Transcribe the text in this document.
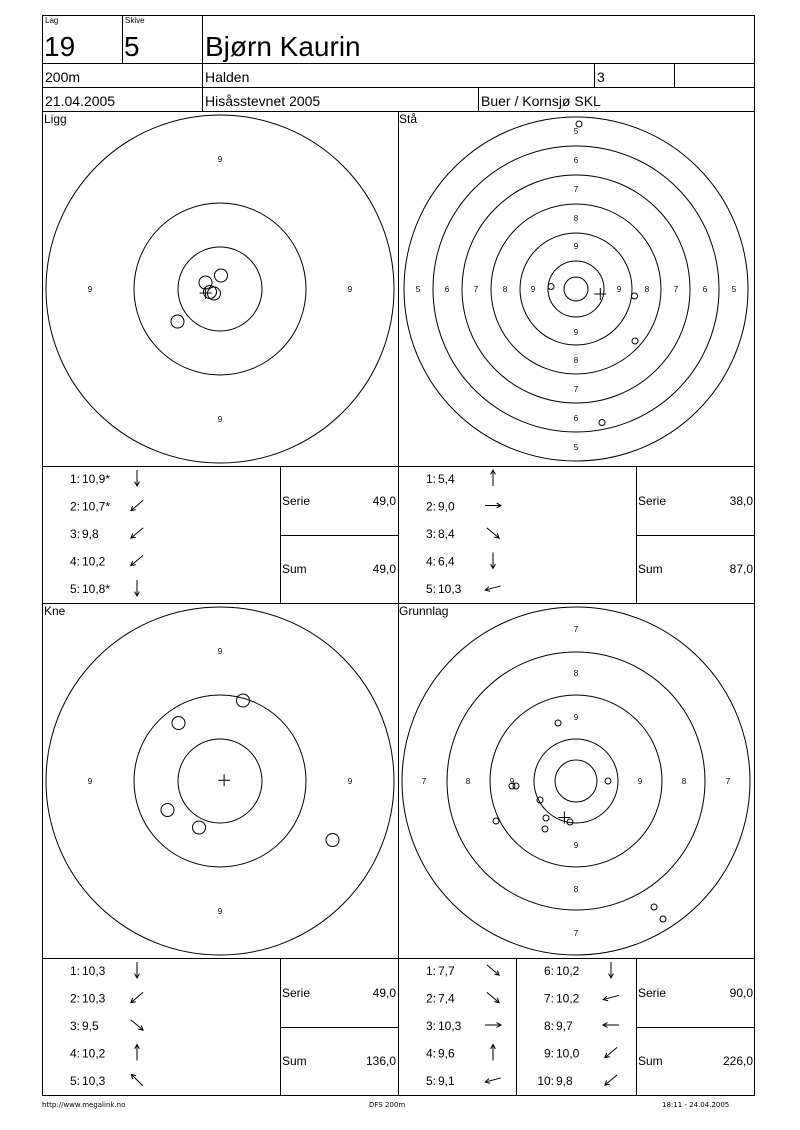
Lag
19
Skive
5 Bjørn Kaurin
200m	Halden	3
21.04.2005	Hisåsstevnet 2005	Buer / Kornsjø SKL
Ligg
9
9
9	9
1: 10,9*
2: 10,7*
3: 9,8
4: 10,2
5: 10,8*
Serie	49,0
Sum	49,0
Stå
9
9
9	9
8
8
8	8
7
7
7	7
6
6
6	6
5
5
5	5
1: 5,4
2: 9,0
3: 8,4
4: 6,4
5: 10,3
Serie	38,0
Sum	87,0
Kne
9
9
9	9
1: 10,3
2: 10,3
3: 9,5
4: 10,2
5: 10,3
Serie	49,0
Sum	136,0
Grunnlag
9
9
9	9
8
8
8	8
7
7
7	7
1: 7,7
2: 7,4
3: 10,3
4: 9,6
5: 9,1
6: 10,2
7: 10,2
8: 9,7
9: 10,0
10: 9,8
Serie	90,0
Sum	226,0
http://www.megalink.no	DFS 200m	18:11 - 24.04.2005
